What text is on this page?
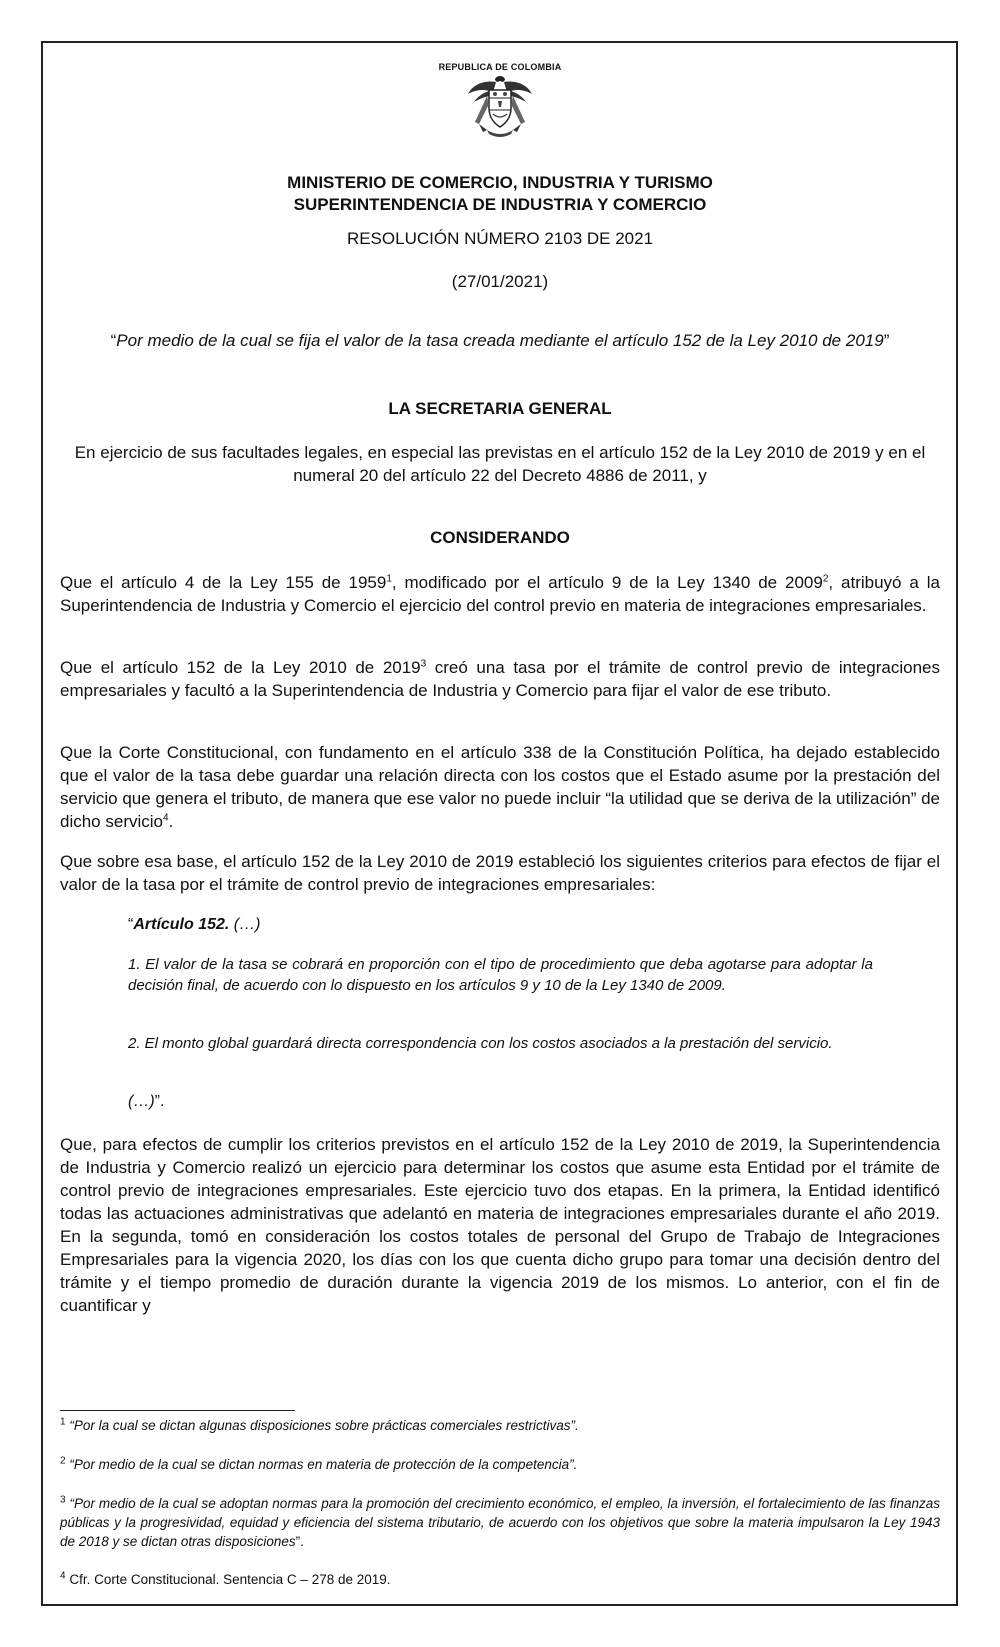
REPUBLICA DE COLOMBIA
MINISTERIO DE COMERCIO, INDUSTRIA Y TURISMO
SUPERINTENDENCIA DE INDUSTRIA Y COMERCIO
RESOLUCIÓN NÚMERO 2103 DE 2021
(27/01/2021)
“Por medio de la cual se fija el valor de la tasa creada mediante el artículo 152 de la Ley 2010 de 2019”
LA SECRETARIA GENERAL
En ejercicio de sus facultades legales, en especial las previstas en el artículo 152 de la Ley 2010 de 2019 y en el numeral 20 del artículo 22 del Decreto 4886 de 2011, y
CONSIDERANDO
Que el artículo 4 de la Ley 155 de 1959$^1$, modificado por el artículo 9 de la Ley 1340 de 2009$^2$, atribuyó a la Superintendencia de Industria y Comercio el ejercicio del control previo en materia de integraciones empresariales.
Que el artículo 152 de la Ley 2010 de 2019$^3$ creó una tasa por el trámite de control previo de integraciones empresariales y facultó a la Superintendencia de Industria y Comercio para fijar el valor de ese tributo.
Que la Corte Constitucional, con fundamento en el artículo 338 de la Constitución Política, ha dejado establecido que el valor de la tasa debe guardar una relación directa con los costos que el Estado asume por la prestación del servicio que genera el tributo, de manera que ese valor no puede incluir “la utilidad que se deriva de la utilización” de dicho servicio$^4$.
Que sobre esa base, el artículo 152 de la Ley 2010 de 2019 estableció los siguientes criterios para efectos de fijar el valor de la tasa por el trámite de control previo de integraciones empresariales:
“Artículo 152. (…)
1. El valor de la tasa se cobrará en proporción con el tipo de procedimiento que deba agotarse para adoptar la decisión final, de acuerdo con lo dispuesto en los artículos 9 y 10 de la Ley 1340 de 2009.
2. El monto global guardará directa correspondencia con los costos asociados a la prestación del servicio.
(…)”.
Que, para efectos de cumplir los criterios previstos en el artículo 152 de la Ley 2010 de 2019, la Superintendencia de Industria y Comercio realizó un ejercicio para determinar los costos que asume esta Entidad por el trámite de control previo de integraciones empresariales. Este ejercicio tuvo dos etapas. En la primera, la Entidad identificó todas las actuaciones administrativas que adelantó en materia de integraciones empresariales durante el año 2019. En la segunda, tomó en consideración los costos totales de personal del Grupo de Trabajo de Integraciones Empresariales para la vigencia 2020, los días con los que cuenta dicho grupo para tomar una decisión dentro del trámite y el tiempo promedio de duración durante la vigencia 2019 de los mismos. Lo anterior, con el fin de cuantificar y
$^1$ “Por la cual se dictan algunas disposiciones sobre prácticas comerciales restrictivas”.
$^2$ “Por medio de la cual se dictan normas en materia de protección de la competencia”.
$^3$ “Por medio de la cual se adoptan normas para la promoción del crecimiento económico, el empleo, la inversión, el fortalecimiento de las finanzas públicas y la progresividad, equidad y eficiencia del sistema tributario, de acuerdo con los objetivos que sobre la materia impulsaron la Ley 1943 de 2018 y se dictan otras disposiciones”.
$^4$ Cfr. Corte Constitucional. Sentencia C – 278 de 2019.
